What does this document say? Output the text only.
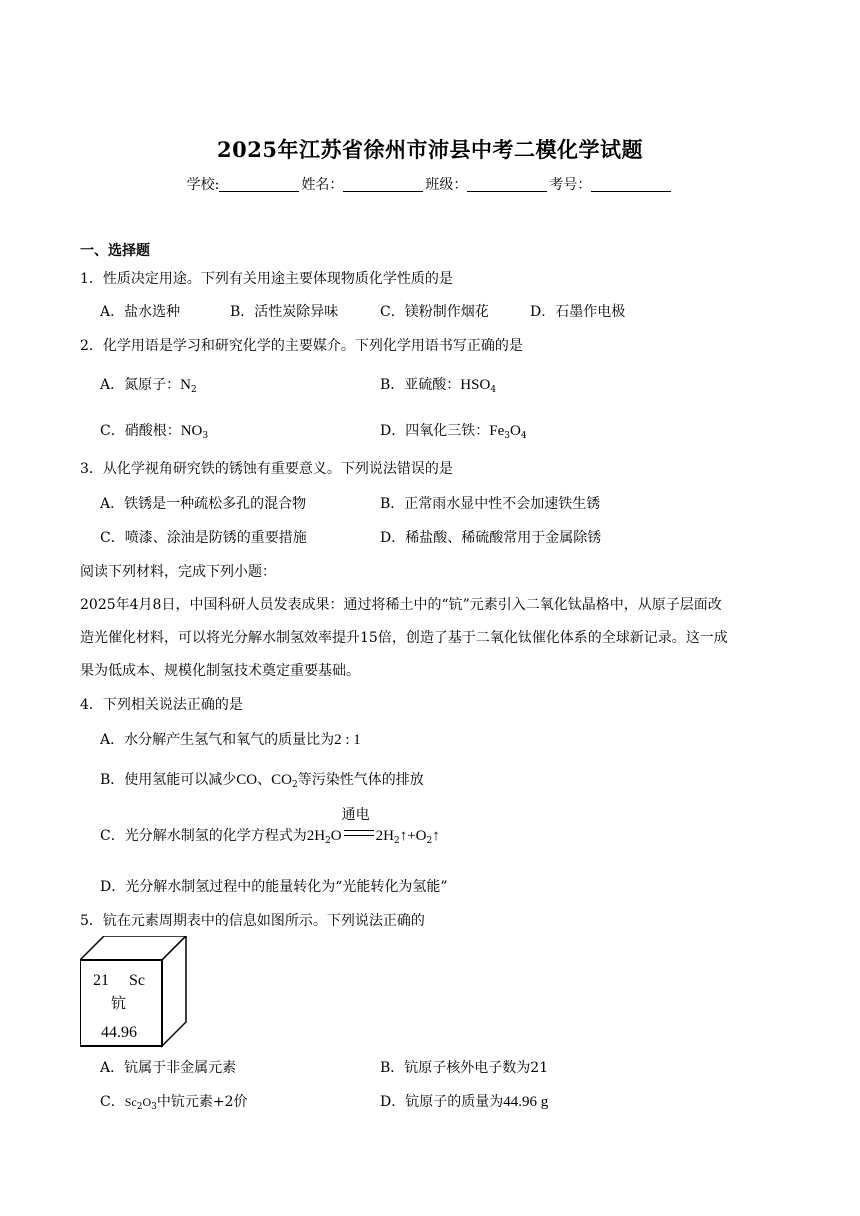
2025年江苏省徐州市沛县中考二模化学试题
学校:	姓名：	班级：	考号：
一、选择题
1．性质决定用途。下列有关用途主要体现物质化学性质的是
A．盐水选种	B．活性炭除异味	C．镁粉制作烟花	D．石墨作电极
2．化学用语是学习和研究化学的主要媒介。下列化学用语书写正确的是
A．氮原子：$N_2$	B．亚硫酸：$HSO_4$
C．硝酸根：$NO_3$	D．四氧化三铁：$Fe_3O_4$
3．从化学视角研究铁的锈蚀有重要意义。下列说法错误的是
A．铁锈是一种疏松多孔的混合物	B．正常雨水显中性不会加速铁生锈
C．喷漆、涂油是防锈的重要措施	D．稀盐酸、稀硫酸常用于金属除锈
阅读下列材料，完成下列小题：
2025年4月8日，中国科研人员发表成果：通过将稀土中的“钪”元素引入二氧化钛晶格中，从原子层面改
造光催化材料，可以将光分解水制氢效率提升15倍，创造了基于二氧化钛催化体系的全球新记录。这一成
果为低成本、规模化制氢技术奠定重要基础。
4．下列相关说法正确的是
A．水分解产生氢气和氧气的质量比为2 : 1
B．使用氢能可以减少CO、$CO_2$等污染性气体的排放
C．光分解水制氢的化学方程式为$2H_2O$
通电
$2H_2↑+O_2↑$
D．光分解水制氢过程中的能量转化为“光能转化为氢能”
5．钪在元素周期表中的信息如图所示。下列说法正确的
21 Sc
钪
44.96
A．钪属于非金属元素	B．钪原子核外电子数为21
C．$Sc_2O_3$中钪元素+2价	D．钪原子的质量为44.96 g
